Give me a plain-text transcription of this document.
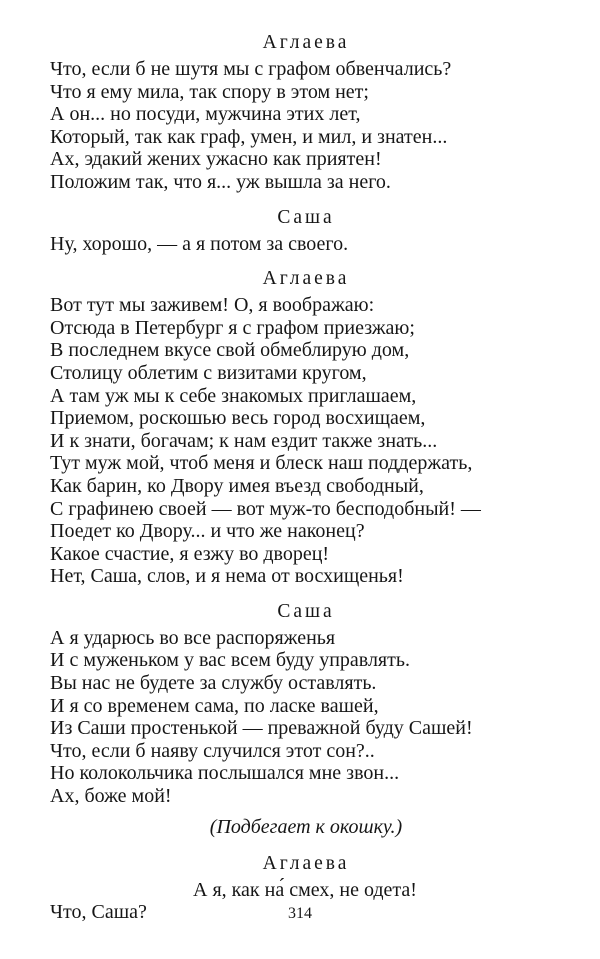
Аглаева
Что, если б не шутя мы с графом обвенчались?
Что я ему мила, так спору в этом нет;
А он... но посуди, мужчина этих лет,
Который, так как граф, умен, и мил, и знатен...
Ах, эдакий жених ужасно как приятен!
Положим так, что я... уж вышла за него.
Саша
Ну, хорошо, — а я потом за своего.
Аглаева
Вот тут мы заживем! О, я воображаю:
Отсюда в Петербург я с графом приезжаю;
В последнем вкусе свой обмеблирую дом,
Столицу облетим с визитами кругом,
А там уж мы к себе знакомых приглашаем,
Приемом, роскошью весь город восхищаем,
И к знати, богачам; к нам ездит также знать...
Тут муж мой, чтоб меня и блеск наш поддержать,
Как барин, ко Двору имея въезд свободный,
С графинею своей — вот муж-то бесподобный! —
Поедет ко Двору... и что же наконец?
Какое счастие, я езжу во дворец!
Нет, Саша, слов, и я нема от восхищенья!
Саша
А я ударюсь во все распоряженья
И с муженьком у вас всем буду управлять.
Вы нас не будете за службу оставлять.
И я со временем сама, по ласке вашей,
Из Саши простенькой — преважной буду Сашей!
Что, если б наяву случился этот сон?..
Но колокольчика послышался мне звон...
Ах, боже мой!
(Подбегает к окошку.)
Аглаева
А я, как на́ смех, не одета!
Что, Саша?	314
